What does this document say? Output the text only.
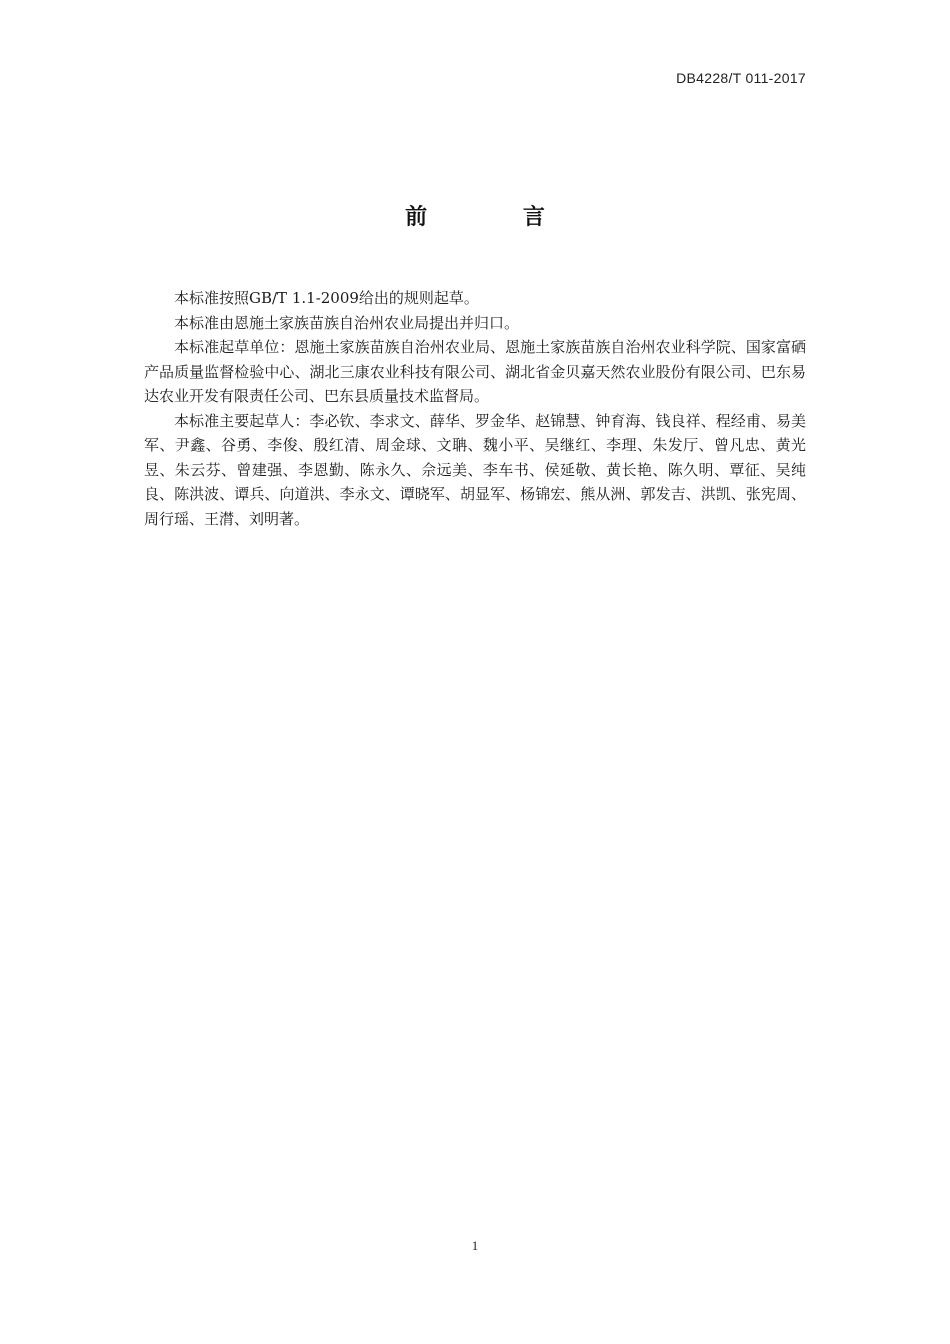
DB4228/T 011-2017
前 言

本标准按照GB/T 1.1-2009给出的规则起草。

本标准由恩施土家族苗族自治州农业局提出并归口。

本标准起草单位：恩施土家族苗族自治州农业局、恩施土家族苗族自治州农业科学院、国家富硒产品质量监督检验中心、湖北三康农业科技有限公司、湖北省金贝嘉天然农业股份有限公司、巴东易达农业开发有限责任公司、巴东县质量技术监督局。

本标准主要起草人：李必钦、李求文、薛华、罗金华、赵锦慧、钟育海、钱良祥、程经甫、易美军、尹鑫、谷勇、李俊、殷红清、周金球、文聃、魏小平、吴继红、李理、朱发厅、曾凡忠、黄光昱、朱云芬、曾建强、李恩勤、陈永久、佘远美、李车书、侯延敬、黄长艳、陈久明、覃征、吴纯良、陈洪波、谭兵、向道洪、李永文、谭晓军、胡显军、杨锦宏、熊从洲、郭发吉、洪凯、张宪周、周行瑶、王潸、刘明著。

1
